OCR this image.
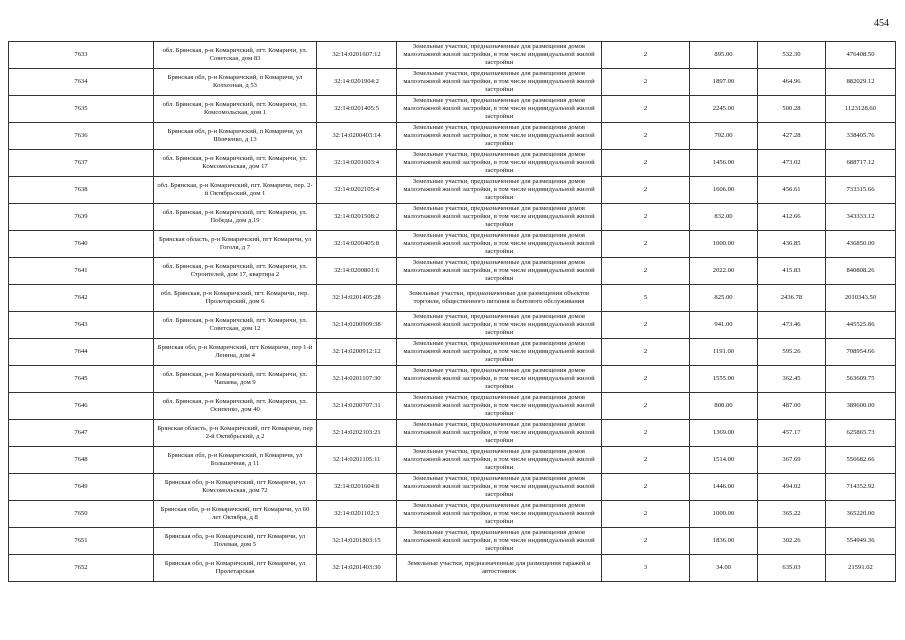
454
7633	обл. Брянская, р-н Комаричский, пгт. Комаричи, ул. Советская, дом 83	32:14:0201607:12	Земельные участки, предназначенные для размещения домов малоэтажной жилой застройки, в том числе индивидуальной жилой застройки	2	895.00	532.30	476408.50
7634	Брянская обл, р-н Комаричский, п Комаричи, ул Колхозная, д 53	32:14:0201904:2	Земельные участки, предназначенные для размещения домов малоэтажной жилой застройки, в том числе индивидуальной жилой застройки	2	1897.00	464.96	882029.12
7635	обл. Брянская, р-н Комаричский, пгт. Комаричи, ул. Комсомольская, дом 1	32:14:0201405:5	Земельные участки, предназначенные для размещения домов малоэтажной жилой застройки, в том числе индивидуальной жилой застройки	2	2245.00	500.28	1123128.60
7636	Брянская обл, р-н Комаричский, п Комаричи, ул Шевченко, д 13	32:14:0200403:14	Земельные участки, предназначенные для размещения домов малоэтажной жилой застройки, в том числе индивидуальной жилой застройки	2	792.00	427.28	338405.76
7637	обл. Брянская, р-н Комаричский, пгт. Комаричи, ул. Комсомольская, дом 17	32:14:0201603:4	Земельные участки, предназначенные для размещения домов малоэтажной жилой застройки, в том числе индивидуальной жилой застройки	2	1456.00	473.02	688717.12
7638	обл. Брянская, р-н Комаричский, пгт. Комаричи, пер. 2-й Октябрьский, дом 1	32:14:0202105:4	Земельные участки, предназначенные для размещения домов малоэтажной жилой застройки, в том числе индивидуальной жилой застройки	2	1606.00	456.61	733315.66
7639	обл. Брянская, р-н Комаричский, пгт. Комаричи, ул. Победы, дом д.19	32:14:0201508:2	Земельные участки, предназначенные для размещения домов малоэтажной жилой застройки, в том числе индивидуальной жилой застройки	2	832.00	412.66	343333.12
7640	Брянская область, р-н Комаричский, пгт Комаричи, ул Гоголя, д 7	32:14:0200405:8	Земельные участки, предназначенные для размещения домов малоэтажной жилой застройки, в том числе индивидуальной жилой застройки	2	1000.00	436.85	436850.00
7641	обл. Брянская, р-н Комаричский, пгт. Комаричи, ул. Строителей, дом 17, квартира 2	32:14:0200801:6	Земельные участки, предназначенные для размещения домов малоэтажной жилой застройки, в том числе индивидуальной жилой застройки	2	2022.00	415.83	840808.26
7642	обл. Брянская, р-н Комаричский, пгт. Комаричи, пер. Пролетарский, дом 6	32:14:0201405:28	Земельные участки, предназначенные для размещения объектов торговли, общественного питания и бытового обслуживания	5	825.00	2436.78	2010343.50
7643	обл. Брянская, р-н Комаричский, пгт. Комаричи, ул. Советская, дом 12	32:14:0200909:38	Земельные участки, предназначенные для размещения домов малоэтажной жилой застройки, в том числе индивидуальной жилой застройки	2	941.00	473.46	445525.86
7644	Брянская обл, р-н Комаричский, пгт Комаричи, пер 1-й Ленина, дом 4	32:14:0200912:12	Земельные участки, предназначенные для размещения домов малоэтажной жилой застройки, в том числе индивидуальной жилой застройки	2	1191.00	595.26	708954.66
7645	обл. Брянская, р-н Комаричский, пгт. Комаричи, ул. Чапаева, дом 9	32:14:0201107:30	Земельные участки, предназначенные для размещения домов малоэтажной жилой застройки, в том числе индивидуальной жилой застройки	2	1555.00	362.45	563609.75
7646	обл. Брянская, р-н Комаричский, пгт. Комаричи, ул. Осипенко, дом 40	32:14:0200707:31	Земельные участки, предназначенные для размещения домов малоэтажной жилой застройки, в том числе индивидуальной жилой застройки	2	800.00	487.00	389600.00
7647	Брянская область, р-н Комаричский, пгт Комаричи, пер 2-й Октябрьский, д 2	32:14:0202103:21	Земельные участки, предназначенные для размещения домов малоэтажной жилой застройки, в том числе индивидуальной жилой застройки	2	1369.00	457.17	625865.73
7648	Брянская обл, р-н Комаричский, п Комаричи, ул Большечная, д 11	32:14:0201105:11	Земельные участки, предназначенные для размещения домов малоэтажной жилой застройки, в том числе индивидуальной жилой застройки	2	1514.00	367.69	556682.66
7649	Брянская обл, р-н Комаричский, пгт Комаричи, ул Комсомольская, дом 72	32:14:0201604:8	Земельные участки, предназначенные для размещения домов малоэтажной жилой застройки, в том числе индивидуальной жилой застройки	2	1446.00	494.02	714352.92
7650	Брянская обл, р-н Комаричский, пгт Комаричи, ул 60 лет Октября, д 8	32:14:0201102:3	Земельные участки, предназначенные для размещения домов малоэтажной жилой застройки, в том числе индивидуальной жилой застройки	2	1000.00	365.22	365220.00
7651	Брянская обл, р-н Комаричский, пгт Комаричи, ул Полевая, дом 5	32:14:0201803:15	Земельные участки, предназначенные для размещения домов малоэтажной жилой застройки, в том числе индивидуальной жилой застройки	2	1836.00	302.26	554949.36
7652	Брянская обл, р-н Комаричский, пгт Комаричи, ул Пролетарская	32:14:0201403:30	Земельные участки, предназначенные для размещения гаражей и автостоянок	3	34.00	635.03	21591.02
